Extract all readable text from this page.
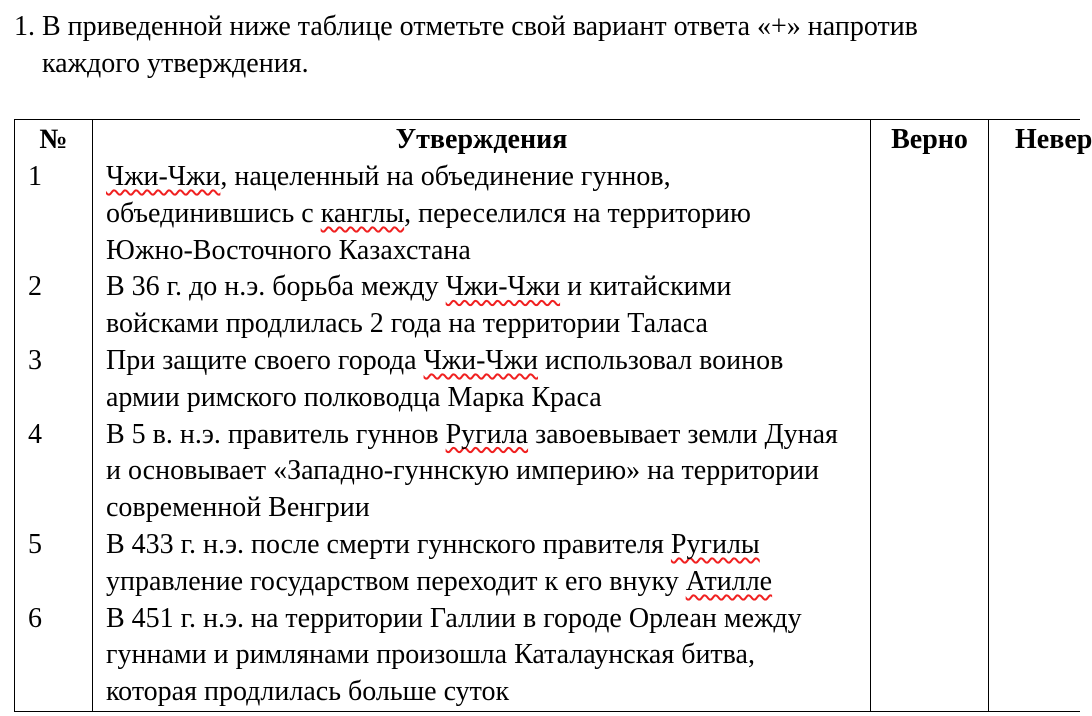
1. В приведенной ниже таблице отметьте свой вариант ответа «+» напротив
каждого утверждения.
№	Утверждения	Верно	Невер
1	Чжи-Чжи, нацеленный на объединение гуннов,
объединившись с канглы, переселился на территорию
Южно-Восточного Казахстана
2	В 36 г. до н.э. борьба между Чжи-Чжи и китайскими
войсками продлилась 2 года на территории Таласа
3	При защите своего города Чжи-Чжи использовал воинов
армии римского полководца Марка Краса
4	В 5 в. н.э. правитель гуннов Ругила завоевывает земли Дуная
и основывает «Западно-гуннскую империю» на территории
современной Венгрии
5	В 433 г. н.э. после смерти гуннского правителя Ругилы
управление государством переходит к его внуку Атилле
6	В 451 г. н.э. на территории Галлии в городе Орлеан между
гуннами и римлянами произошла Каталаунская битва,
которая продлилась больше суток
